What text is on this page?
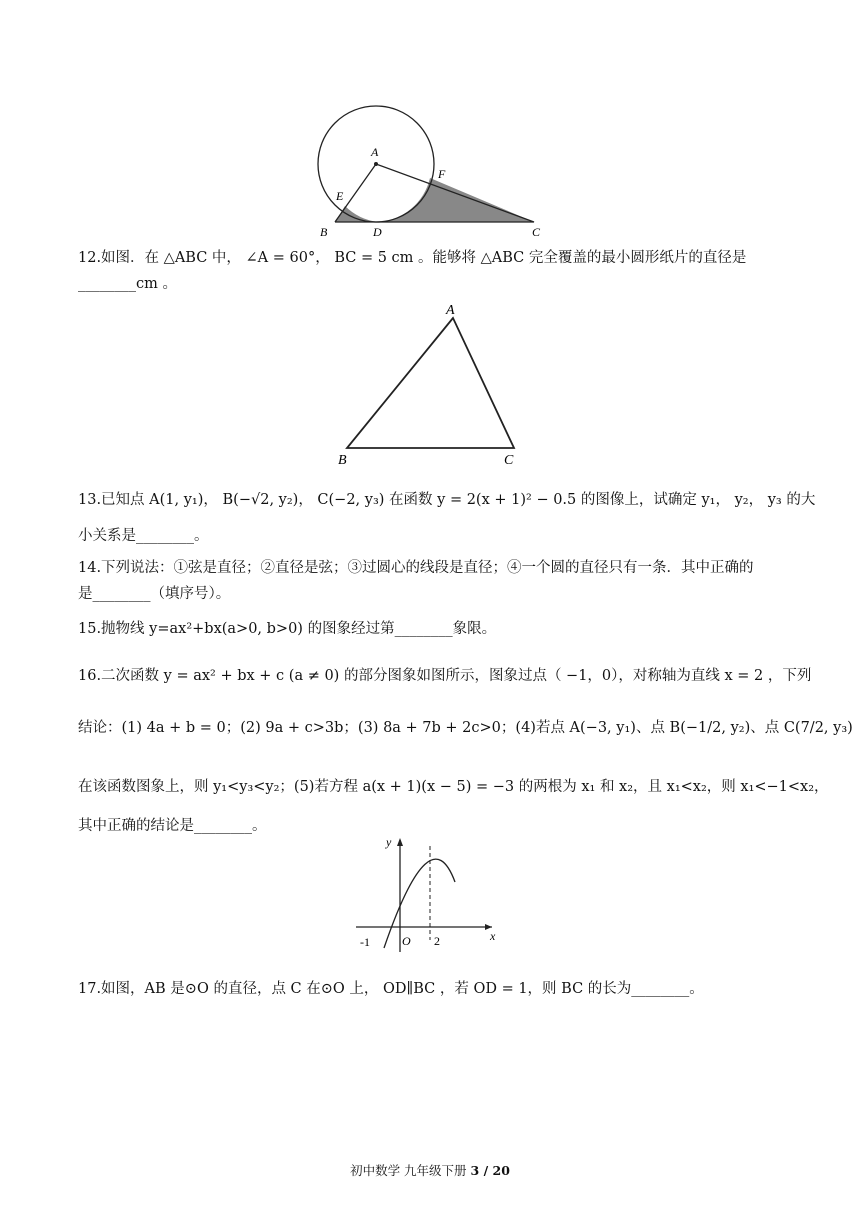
A
F
E
B	D	C
12.如图．在 △ABC 中， ∠A = 60°， BC = 5 cm 。能够将 △ABC 完全覆盖的最小圆形纸片的直径是
________cm 。
A
B	C
13.已知点 A(1, y₁)， B(−√2, y₂)， C(−2, y₃) 在函数 y = 2(x + 1)² − 0.5 的图像上，试确定 y₁， y₂， y₃ 的大
小关系是________。
14.下列说法：①弦是直径；②直径是弦；③过圆心的线段是直径；④一个圆的直径只有一条．其中正确的
是________（填序号）。
15.抛物线 y=ax²+bx(a>0, b>0) 的图象经过第________象限。
16.二次函数 y = ax² + bx + c (a ≠ 0) 的部分图象如图所示，图象过点（ −1，0），对称轴为直线 x = 2 ，下列
结论：(1) 4a + b = 0；(2) 9a + c>3b；(3) 8a + 7b + 2c>0；(4)若点 A(−3, y₁)、点 B(−1/2, y₂)、点 C(7/2, y₃)
在该函数图象上，则 y₁<y₃<y₂；(5)若方程 a(x + 1)(x − 5) = −3 的两根为 x₁ 和 x₂，且 x₁<x₂，则 x₁<−1<x₂，
其中正确的结论是________。
y
x
O
-1	2
17.如图，AB 是⊙O 的直径，点 C 在⊙O 上， OD∥BC ，若 OD = 1，则 BC 的长为________。
初中数学 九年级下册 3 / 20
